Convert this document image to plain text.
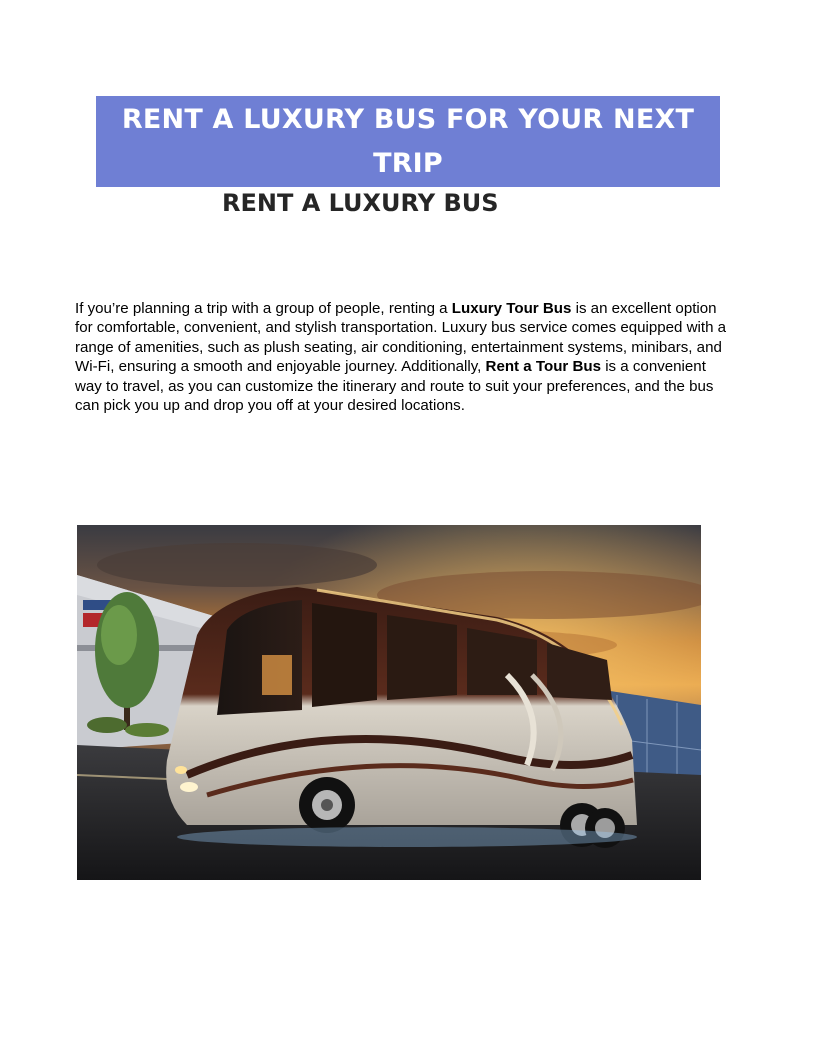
RENT A LUXURY BUS FOR YOUR NEXT TRIP
RENT A LUXURY BUS

If you’re planning a trip with a group of people, renting a Luxury Tour Bus is an excellent option for comfortable, convenient, and stylish transportation. Luxury bus service comes equipped with a range of amenities, such as plush seating, air conditioning, entertainment systems, minibars, and Wi-Fi, ensuring a smooth and enjoyable journey. Additionally, Rent a Tour Bus is a convenient way to travel, as you can customize the itinerary and route to suit your preferences, and the bus can pick you up and drop you off at your desired locations.
